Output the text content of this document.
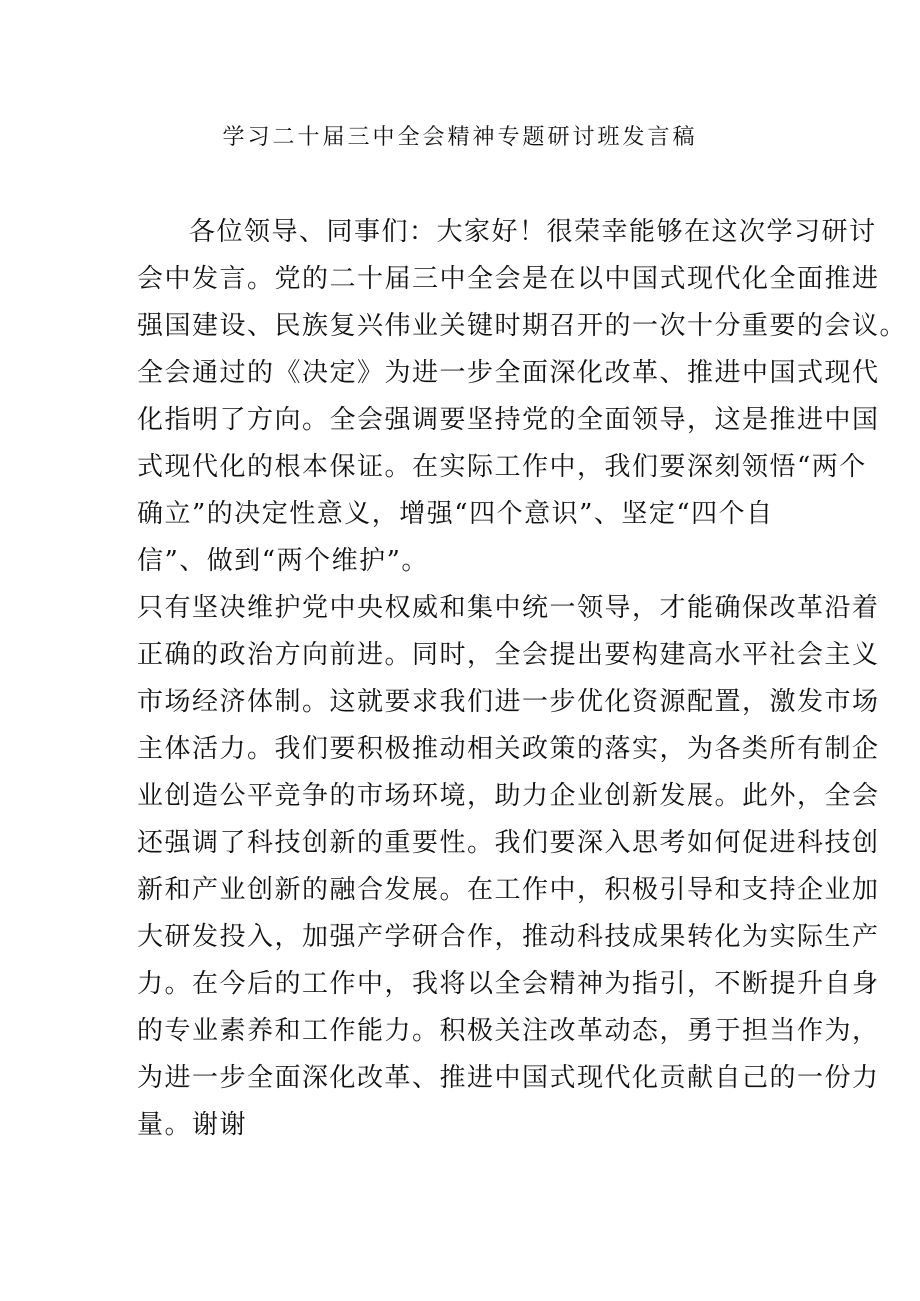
学习二十届三中全会精神专题研讨班发言稿
各位领导、同事们：大家好！很荣幸能够在这次学习研讨
会中发言。党的二十届三中全会是在以中国式现代化全面推进
强国建设、民族复兴伟业关键时期召开的一次十分重要的会议。
全会通过的《决定》为进一步全面深化改革、推进中国式现代
化指明了方向。全会强调要坚持党的全面领导，这是推进中国
式现代化的根本保证。在实际工作中，我们要深刻领悟“两个
确立”的决定性意义，增强“四个意识”、坚定“四个自
信”、做到“两个维护”。
只有坚决维护党中央权威和集中统一领导，才能确保改革沿着
正确的政治方向前进。同时，全会提出要构建高水平社会主义
市场经济体制。这就要求我们进一步优化资源配置，激发市场
主体活力。我们要积极推动相关政策的落实，为各类所有制企
业创造公平竞争的市场环境，助力企业创新发展。此外，全会
还强调了科技创新的重要性。我们要深入思考如何促进科技创
新和产业创新的融合发展。在工作中，积极引导和支持企业加
大研发投入，加强产学研合作，推动科技成果转化为实际生产
力。在今后的工作中，我将以全会精神为指引，不断提升自身
的专业素养和工作能力。积极关注改革动态，勇于担当作为，
为进一步全面深化改革、推进中国式现代化贡献自己的一份力
量。谢谢
